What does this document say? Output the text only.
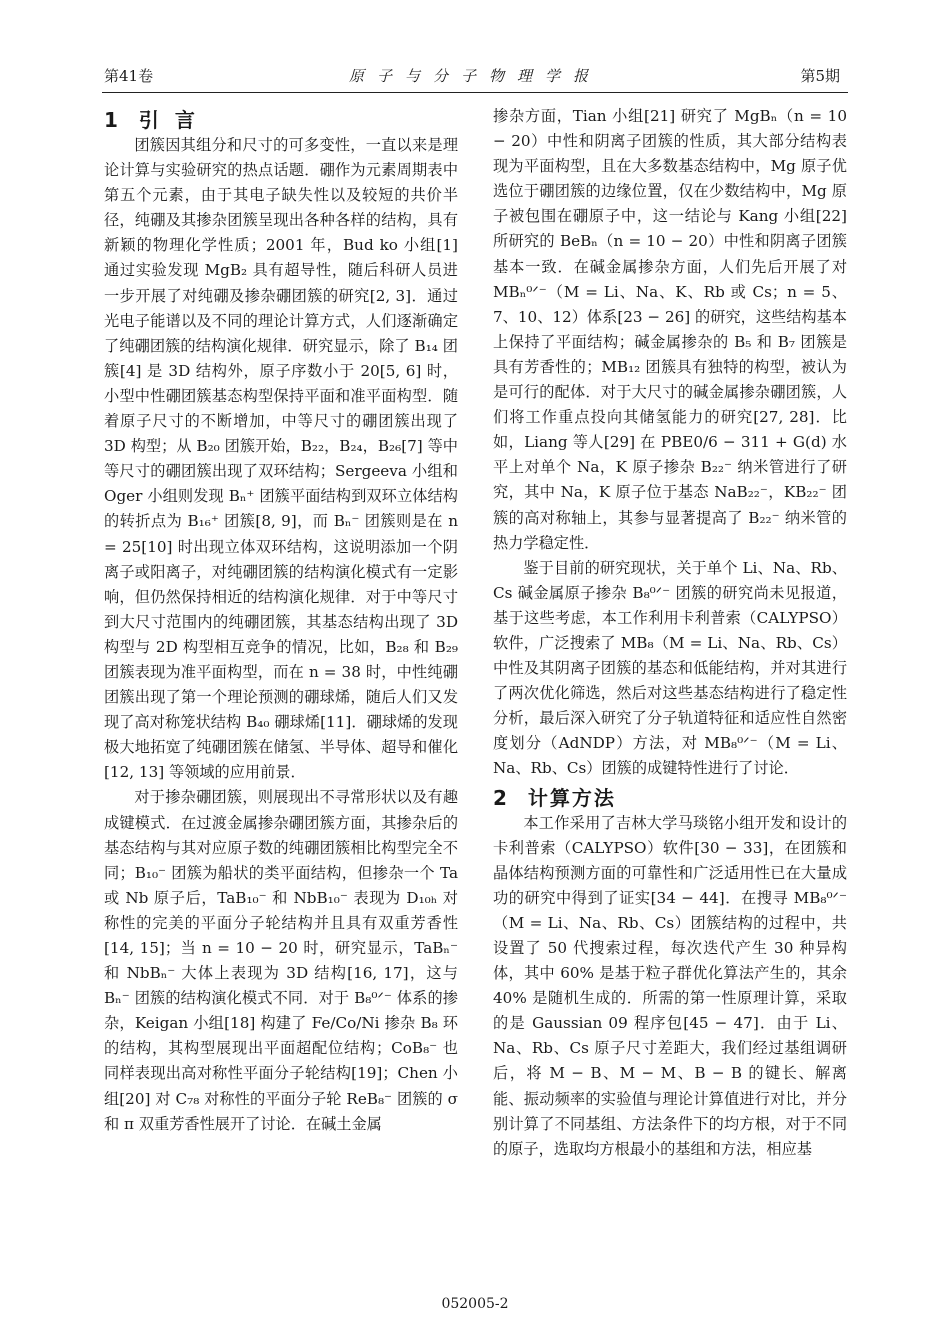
第41卷	原子与分子物理学报	第5期
1 引言

团簇因其组分和尺寸的可多变性，一直以来是理论计算与实验研究的热点话题．硼作为元素周期表中第五个元素，由于其电子缺失性以及较短的共价半径，纯硼及其掺杂团簇呈现出各种各样的结构，具有新颖的物理化学性质；2001 年，Bud ko 小组[1] 通过实验发现 MgB₂ 具有超导性，随后科研人员进一步开展了对纯硼及掺杂硼团簇的研究[2, 3]．通过光电子能谱以及不同的理论计算方式，人们逐渐确定了纯硼团簇的结构演化规律．研究显示，除了 B₁₄ 团簇[4] 是 3D 结构外，原子序数小于 20[5, 6] 时，小型中性硼团簇基态构型保持平面和准平面构型．随着原子尺寸的不断增加，中等尺寸的硼团簇出现了 3D 构型；从 B₂₀ 团簇开始，B₂₂，B₂₄，B₂₆[7] 等中等尺寸的硼团簇出现了双环结构；Sergeeva 小组和 Oger 小组则发现 Bₙ⁺ 团簇平面结构到双环立体结构的转折点为 B₁₆⁺ 团簇[8, 9]，而 Bₙ⁻ 团簇则是在 n = 25[10] 时出现立体双环结构，这说明添加一个阴离子或阳离子，对纯硼团簇的结构演化模式有一定影响，但仍然保持相近的结构演化规律．对于中等尺寸到大尺寸范围内的纯硼团簇，其基态结构出现了 3D 构型与 2D 构型相互竞争的情况，比如，B₂₈ 和 B₂₉ 团簇表现为准平面构型，而在 n = 38 时，中性纯硼团簇出现了第一个理论预测的硼球烯，随后人们又发现了高对称笼状结构 B₄₀ 硼球烯[11]．硼球烯的发现极大地拓宽了纯硼团簇在储氢、半导体、超导和催化[12, 13] 等领域的应用前景．

对于掺杂硼团簇，则展现出不寻常形状以及有趣成键模式．在过渡金属掺杂硼团簇方面，其掺杂后的基态结构与其对应原子数的纯硼团簇相比构型完全不同；B₁₀⁻ 团簇为船状的类平面结构，但掺杂一个 Ta 或 Nb 原子后，TaB₁₀⁻ 和 NbB₁₀⁻ 表现为 D₁₀ₕ 对称性的完美的平面分子轮结构并且具有双重芳香性[14, 15]；当 n = 10 − 20 时，研究显示，TaBₙ⁻ 和 NbBₙ⁻ 大体上表现为 3D 结构[16, 17]，这与 Bₙ⁻ 团簇的结构演化模式不同．对于 B₈⁰ᐟ⁻ 体系的掺杂，Keigan 小组[18] 构建了 Fe/Co/Ni 掺杂 B₈ 环的结构，其构型展现出平面超配位结构；CoB₈⁻ 也同样表现出高对称性平面分子轮结构[19]；Chen 小组[20] 对 C₇₈ 对称性的平面分子轮 ReB₈⁻ 团簇的 σ 和 π 双重芳香性展开了讨论．在碱土金属

掺杂方面，Tian 小组[21] 研究了 MgBₙ（n = 10 − 20）中性和阴离子团簇的性质，其大部分结构表现为平面构型，且在大多数基态结构中，Mg 原子优选位于硼团簇的边缘位置，仅在少数结构中，Mg 原子被包围在硼原子中，这一结论与 Kang 小组[22] 所研究的 BeBₙ（n = 10 − 20）中性和阴离子团簇基本一致．在碱金属掺杂方面，人们先后开展了对 MBₙ⁰ᐟ⁻（M = Li、Na、K、Rb 或 Cs；n = 5、7、10、12）体系[23 − 26] 的研究，这些结构基本上保持了平面结构；碱金属掺杂的 B₅ 和 B₇ 团簇是具有芳香性的；MB₁₂ 团簇具有独特的构型，被认为是可行的配体．对于大尺寸的碱金属掺杂硼团簇，人们将工作重点投向其储氢能力的研究[27, 28]．比如，Liang 等人[29] 在 PBE0/6 − 311 + G(d) 水平上对单个 Na，K 原子掺杂 B₂₂⁻ 纳米管进行了研究，其中 Na，K 原子位于基态 NaB₂₂⁻，KB₂₂⁻ 团簇的高对称轴上，其参与显著提高了 B₂₂⁻ 纳米管的热力学稳定性．

鉴于目前的研究现状，关于单个 Li、Na、Rb、Cs 碱金属原子掺杂 B₈⁰ᐟ⁻ 团簇的研究尚未见报道，基于这些考虑，本工作利用卡利普索（CALYPSO）软件，广泛搜索了 MB₈（M = Li、Na、Rb、Cs）中性及其阴离子团簇的基态和低能结构，并对其进行了两次优化筛选，然后对这些基态结构进行了稳定性分析，最后深入研究了分子轨道特征和适应性自然密度划分（AdNDP）方法，对 MB₈⁰ᐟ⁻（M = Li、Na、Rb、Cs）团簇的成键特性进行了讨论．

2 计算方法

本工作采用了吉林大学马琰铭小组开发和设计的卡利普索（CALYPSO）软件[30 − 33]，在团簇和晶体结构预测方面的可靠性和广泛适用性已在大量成功的研究中得到了证实[34 − 44]．在搜寻 MB₈⁰ᐟ⁻（M = Li、Na、Rb、Cs）团簇结构的过程中，共设置了 50 代搜索过程，每次迭代产生 30 种异构体，其中 60% 是基于粒子群优化算法产生的，其余 40% 是随机生成的．所需的第一性原理计算，采取的是 Gaussian 09 程序包[45 − 47]．由于 Li、Na、Rb、Cs 原子尺寸差距大，我们经过基组调研后，将 M − B、M − M、B − B 的键长、解离能、振动频率的实验值与理论计算值进行对比，并分别计算了不同基组、方法条件下的均方根，对于不同的原子，选取均方根最小的基组和方法，相应基

052005-2
